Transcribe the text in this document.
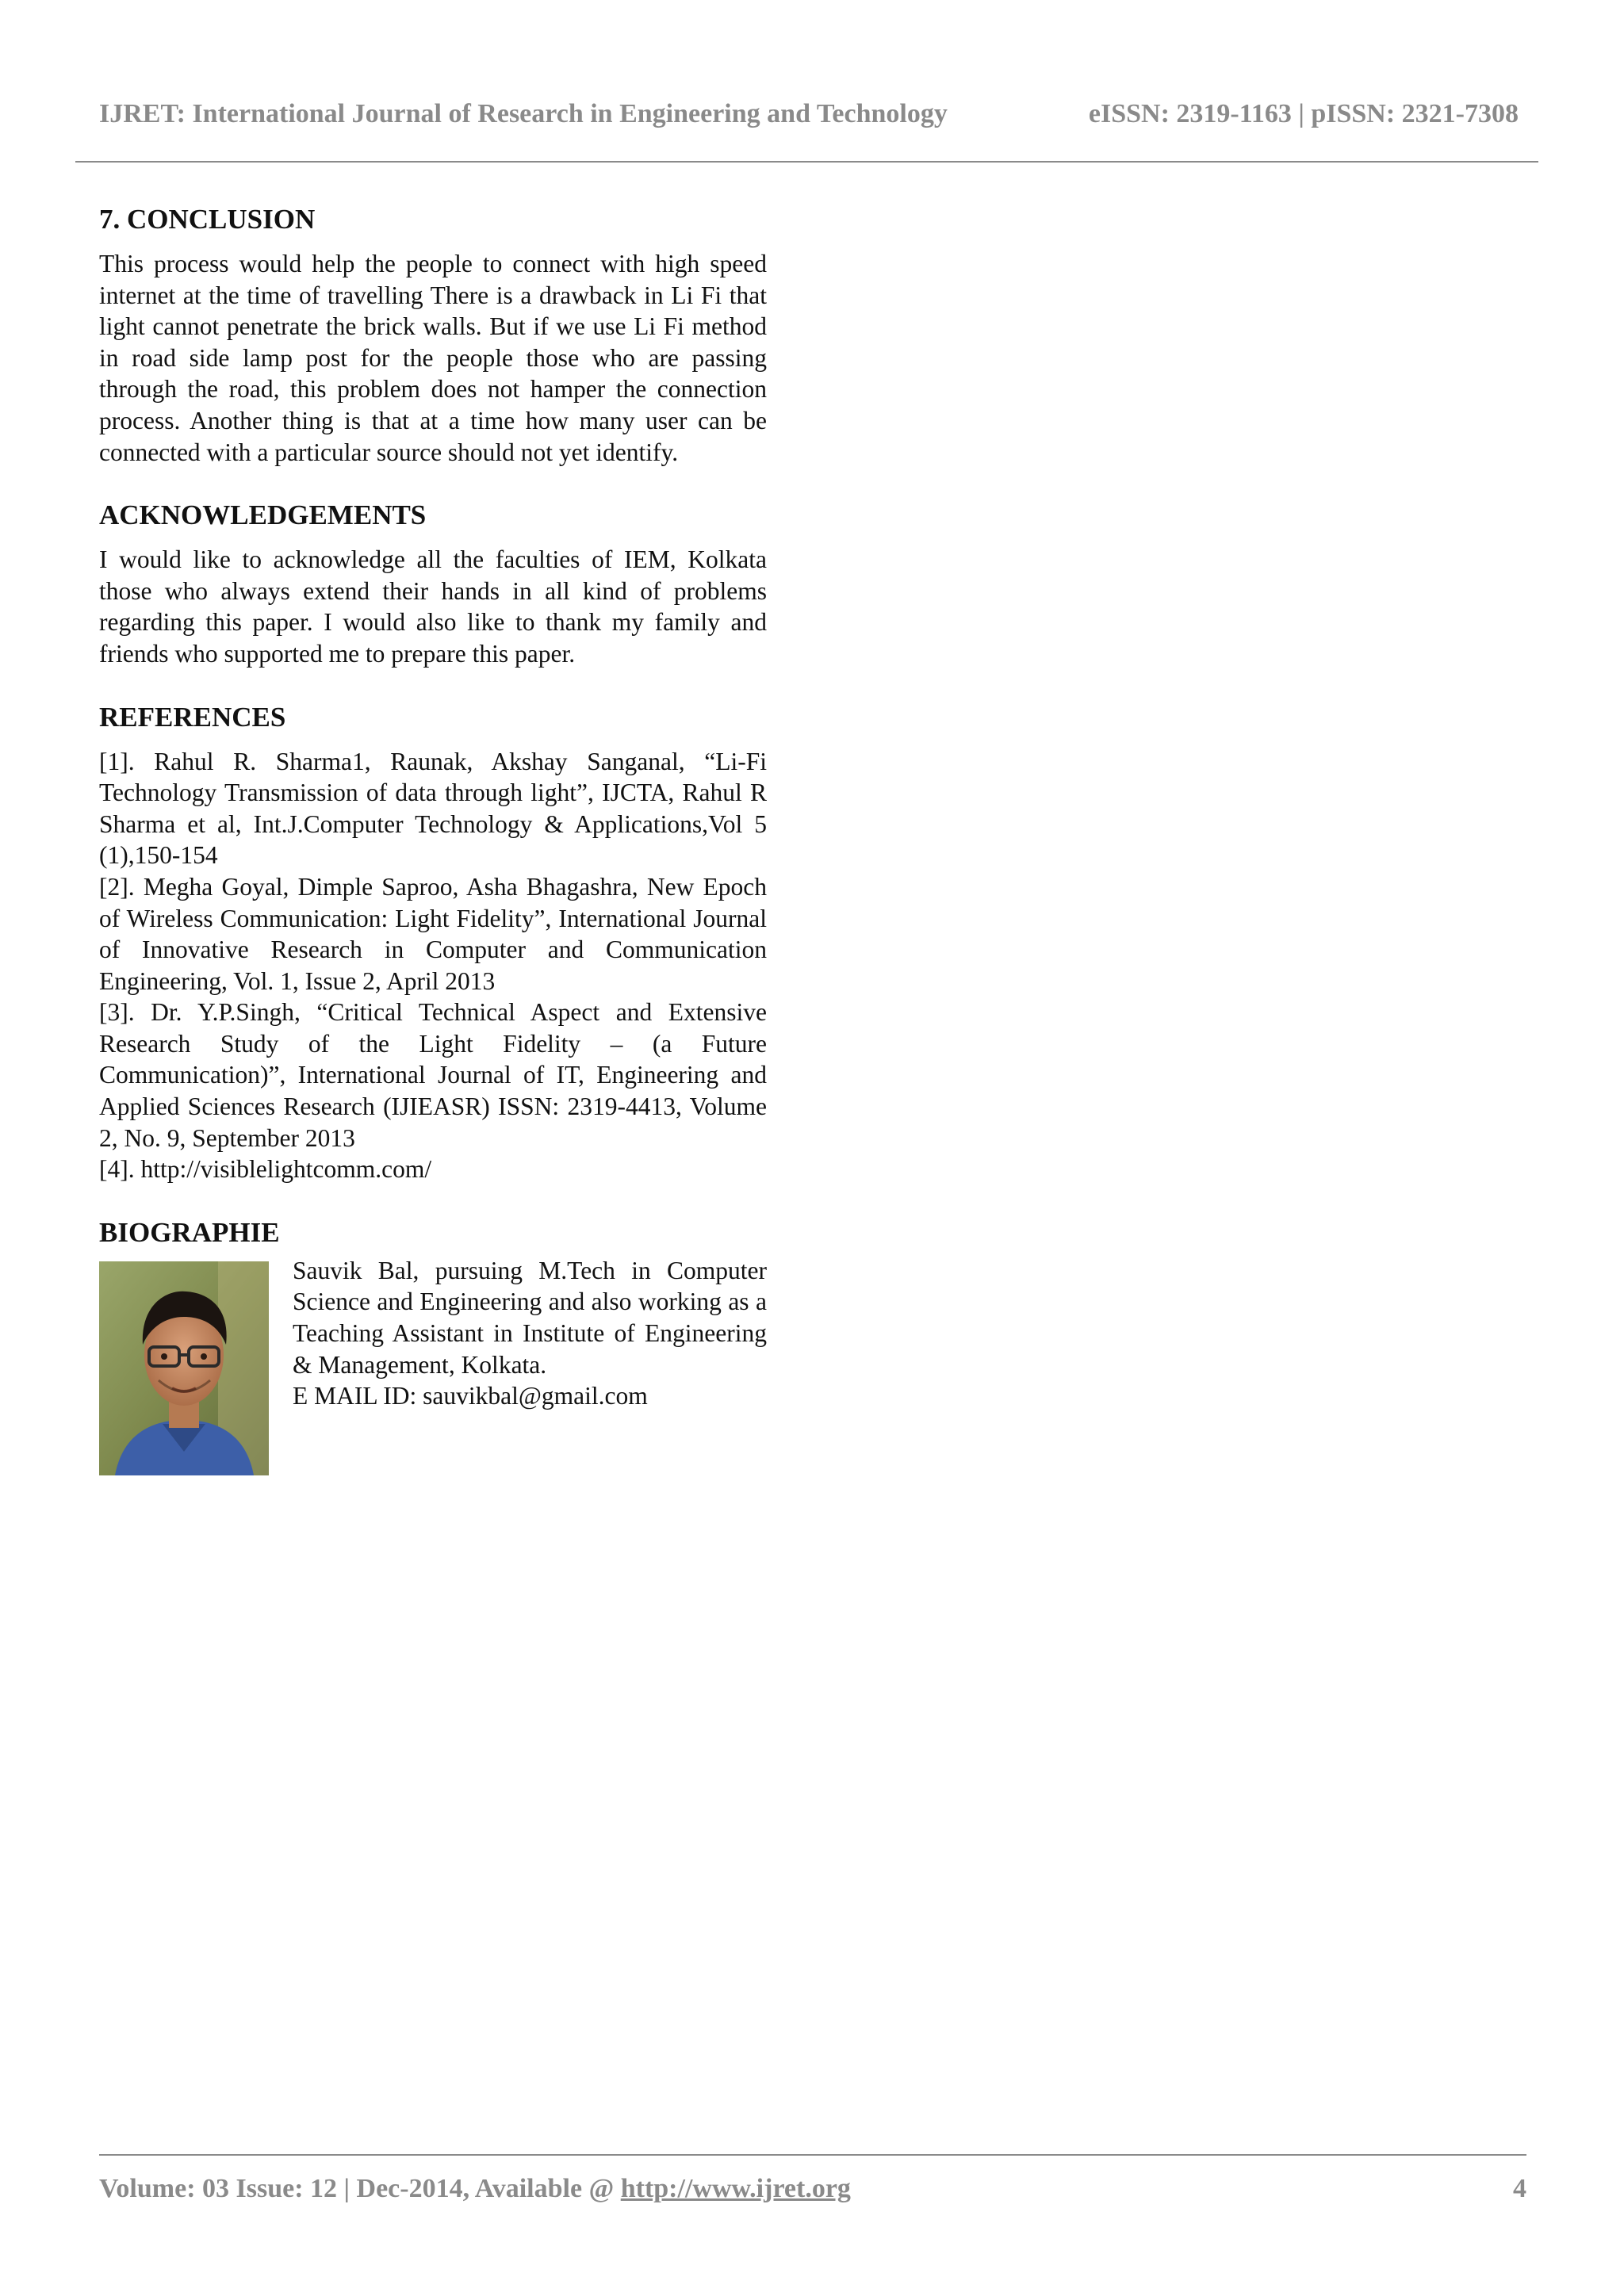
IJRET: International Journal of Research in Engineering and Technology	eISSN: 2319-1163 | pISSN: 2321-7308
7. CONCLUSION
This process would help the people to connect with high speed internet at the time of travelling There is a drawback in Li Fi that light cannot penetrate the brick walls. But if we use Li Fi method in road side lamp post for the people those who are passing through the road, this problem does not hamper the connection process. Another thing is that at a time how many user can be connected with a particular source should not yet identify.
ACKNOWLEDGEMENTS
I would like to acknowledge all the faculties of IEM, Kolkata those who always extend their hands in all kind of problems regarding this paper. I would also like to thank my family and friends who supported me to prepare this paper.
REFERENCES
[1]. Rahul R. Sharma1, Raunak, Akshay Sanganal, “Li-Fi Technology Transmission of data through light”, IJCTA, Rahul R Sharma et al, Int.J.Computer Technology & Applications,Vol 5 (1),150-154
[2]. Megha Goyal, Dimple Saproo, Asha Bhagashra, New Epoch of Wireless Communication: Light Fidelity”, International Journal of Innovative Research in Computer and Communication Engineering, Vol. 1, Issue 2, April 2013
[3]. Dr. Y.P.Singh, “Critical Technical Aspect and Extensive Research Study of the Light Fidelity – (a Future Communication)”, International Journal of IT, Engineering and Applied Sciences Research (IJIEASR) ISSN: 2319-4413, Volume 2, No. 9, September 2013
[4]. http://visiblelightcomm.com/
BIOGRAPHIE
Sauvik Bal, pursuing M.Tech in Computer Science and Engineering and also working as a Teaching Assistant in Institute of Engineering & Management, Kolkata.
E MAIL ID: sauvikbal@gmail.com
Volume: 03 Issue: 12 | Dec-2014, Available @ http://www.ijret.org	4
